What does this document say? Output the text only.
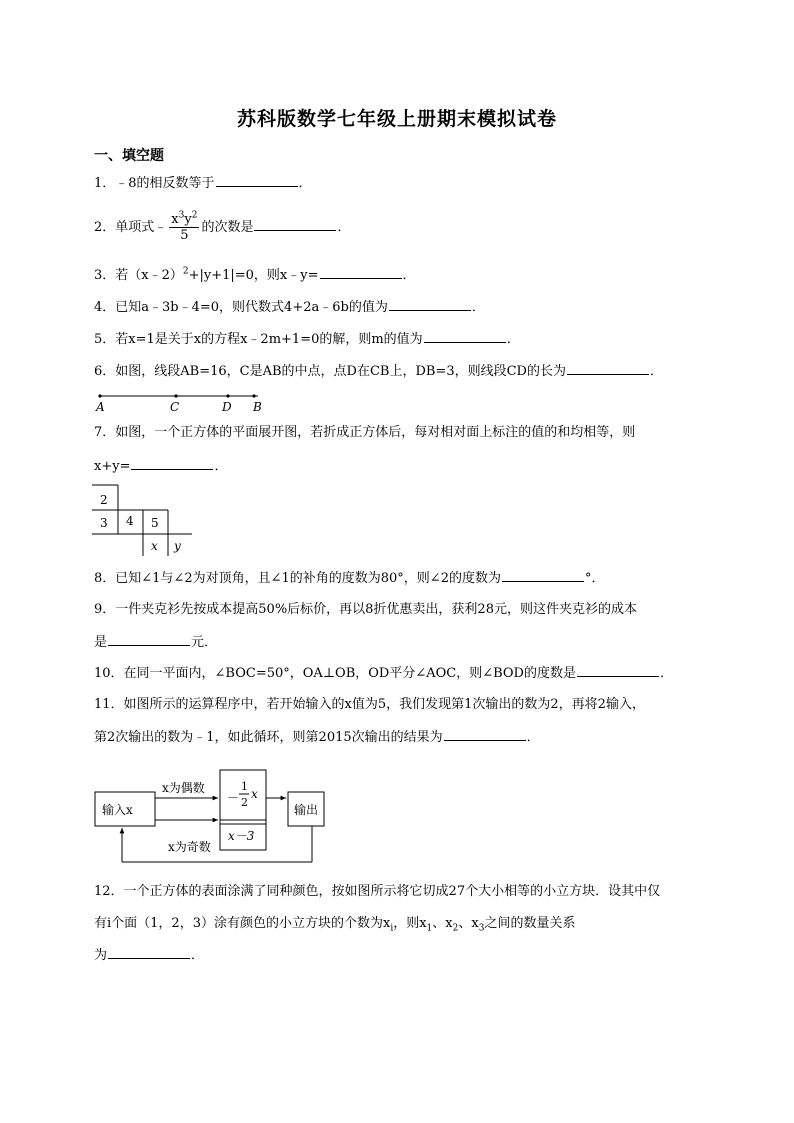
苏科版数学七年级上册期末模拟试卷
一、填空题
1．﹣8的相反数等于	．
2．单项式﹣ $\frac{x^3y^2}{5}$ 的次数是	．
3．若（x﹣2）$^2$+|y+1|=0，则x﹣y=	．
4．已知a﹣3b﹣4=0，则代数式4+2a﹣6b的值为	．
5．若x=1是关于x的方程x﹣2m+1=0的解，则m的值为	．
6．如图，线段AB=16，C是AB的中点，点D在CB上，DB=3，则线段CD的长为	．
A	C	D B
7．如图，一个正方体的平面展开图，若折成正方体后，每对相对面上标注的值的和均相等，则
x+y=	．
2
3 4 5
x y
8．已知∠1与∠2为对顶角，且∠1的补角的度数为80°，则∠2的度数为	°．
9．一件夹克衫先按成本提高50%后标价，再以8折优惠卖出，获利28元，则这件夹克衫的成本
是	元．
10．在同一平面内，∠BOC=50°，OA⊥OB，OD平分∠AOC，则∠BOD的度数是	．
11．如图所示的运算程序中，若开始输入的x值为5，我们发现第1次输出的数为2，再将2输入，
第2次输出的数为﹣1，如此循环，则第2015次输出的结果为	．
输入x
x为偶数
x为奇数
－
1
2
x
x－3
输出
12．一个正方体的表面涂满了同种颜色，按如图所示将它切成27个大小相等的小立方块．设其中仅
有i个面（1，2，3）涂有颜色的小立方块的个数为$x_i$，则$x_1$、$x_2$、$x_3$之间的数量关系
为	．
